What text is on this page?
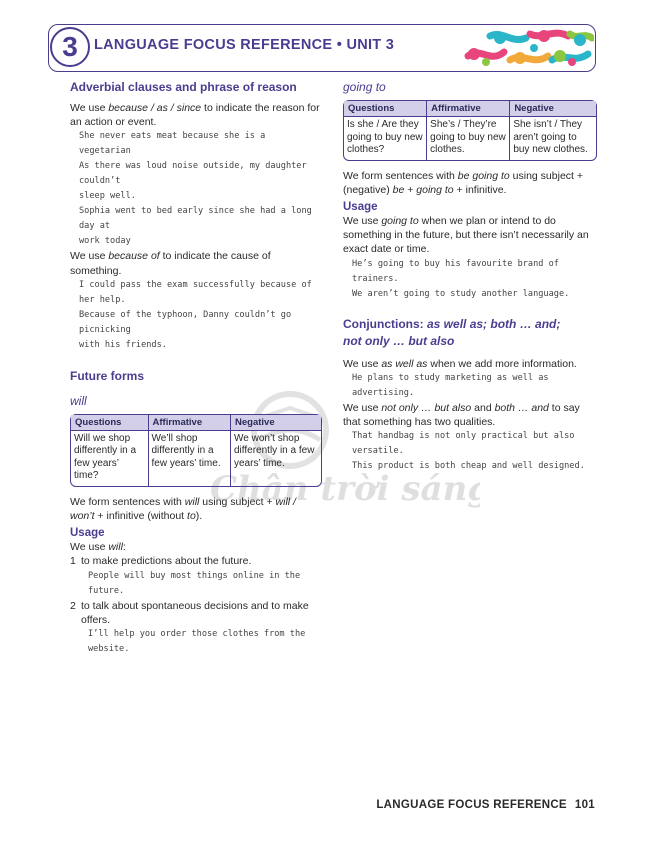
3	LANGUAGE FOCUS REFERENCE • UNIT 3
Chân trời sán
Adverbial clauses and phrase of reason

We use because / as / since to indicate the reason for an action or event.

She never eats meat because she is a vegetarian
As there was loud noise outside, my daughter couldn’t
sleep well.
Sophia went to bed early since she had a long day at
work today

We use because of to indicate the cause of something.

I could pass the exam successfully because of her help.
Because of the typhoon, Danny couldn’t go picnicking
with his friends.
Future forms
will
Questions	Affirmative	Negative
Will we shop differently in a few years’ time?	We’ll shop differently in a few years’ time.	We won’t shop differently in a few years’ time.

We form sentences with will using subject + will / won’t + infinitive (without to).

Usage

We use will:

1 to make predictions about the future.
People will buy most things online in the future.
2 to talk about spontaneous decisions and to make offers.
I’ll help you order those clothes from the website.
going to
Questions	Affirmative	Negative
Is she / Are they going to buy new clothes?	She’s / They’re going to buy new clothes.	She isn’t / They aren’t going to buy new clothes.

We form sentences with be going to using subject + (negative) be + going to + infinitive.

Usage

We use going to when we plan or intend to do something in the future, but there isn’t necessarily an exact date or time.

He’s going to buy his favourite brand of trainers.
We aren’t going to study another language.
Conjunctions: as well as; both … and;
not only … but also

We use as well as when we add more information.

He plans to study marketing as well as advertising.

We use not only … but also and both … and to say that something has two qualities.

That handbag is not only practical but also versatile.
This product is both cheap and well designed.
LANGUAGE FOCUS REFERENCE 101
